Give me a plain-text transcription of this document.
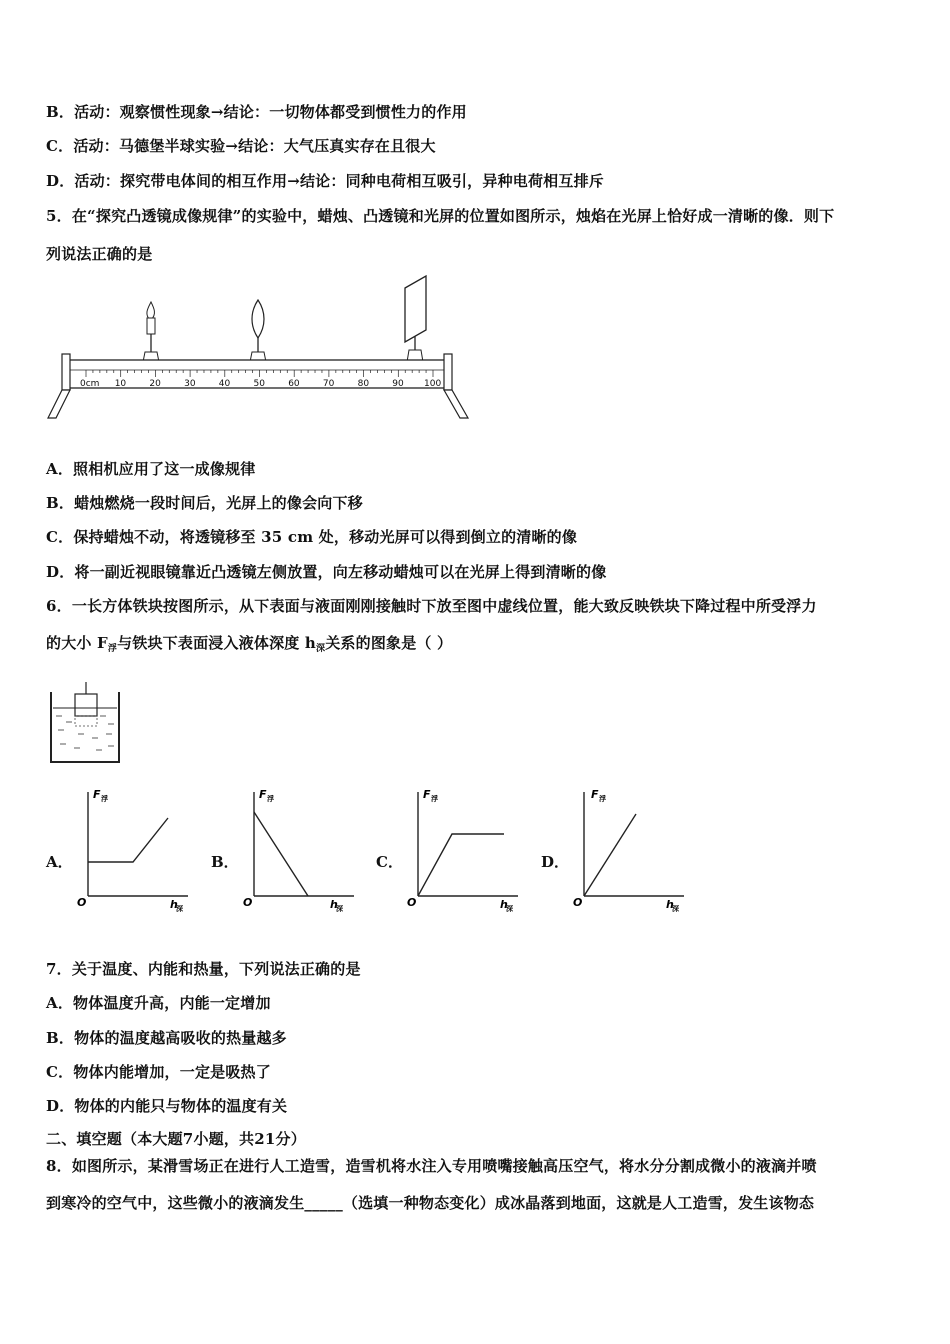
B．活动：观察惯性现象→结论：一切物体都受到惯性力的作用
C．活动：马德堡半球实验→结论：大气压真实存在且很大
D．活动：探究带电体间的相互作用→结论：同种电荷相互吸引，异种电荷相互排斥
5．在“探究凸透镜成像规律”的实验中，蜡烛、凸透镜和光屏的位置如图所示，烛焰在光屏上恰好成一清晰的像．则下
列说法正确的是
0cm 10	20	30	40	50	60	70	80	90 100
A．照相机应用了这一成像规律
B．蜡烛燃烧一段时间后，光屏上的像会向下移
C．保持蜡烛不动，将透镜移至 35 cm 处，移动光屏可以得到倒立的清晰的像
D．将一副近视眼镜靠近凸透镜左侧放置，向左移动蜡烛可以在光屏上得到清晰的像
6．一长方体铁块按图所示，从下表面与液面刚刚接触时下放至图中虚线位置，能大致反映铁块下降过程中所受浮力
的大小 $F_浮$与铁块下表面浸入液体深度 $h_深$关系的图象是（ ）
A．
F 浮
O	h
深
B．
F 浮
O	h
深
C．
F 浮
O	h
深
D．
F 浮
O	h
深
7．关于温度、内能和热量，下列说法正确的是
A．物体温度升高，内能一定增加
B．物体的温度越高吸收的热量越多
C．物体内能增加，一定是吸热了
D．物体的内能只与物体的温度有关
二、填空题（本大题7小题，共21分）
8．如图所示，某滑雪场正在进行人工造雪，造雪机将水注入专用喷嘴接触高压空气，将水分分割成微小的液滴并喷
到寒冷的空气中，这些微小的液滴发生_____（选填一种物态变化）成冰晶落到地面，这就是人工造雪，发生该物态
